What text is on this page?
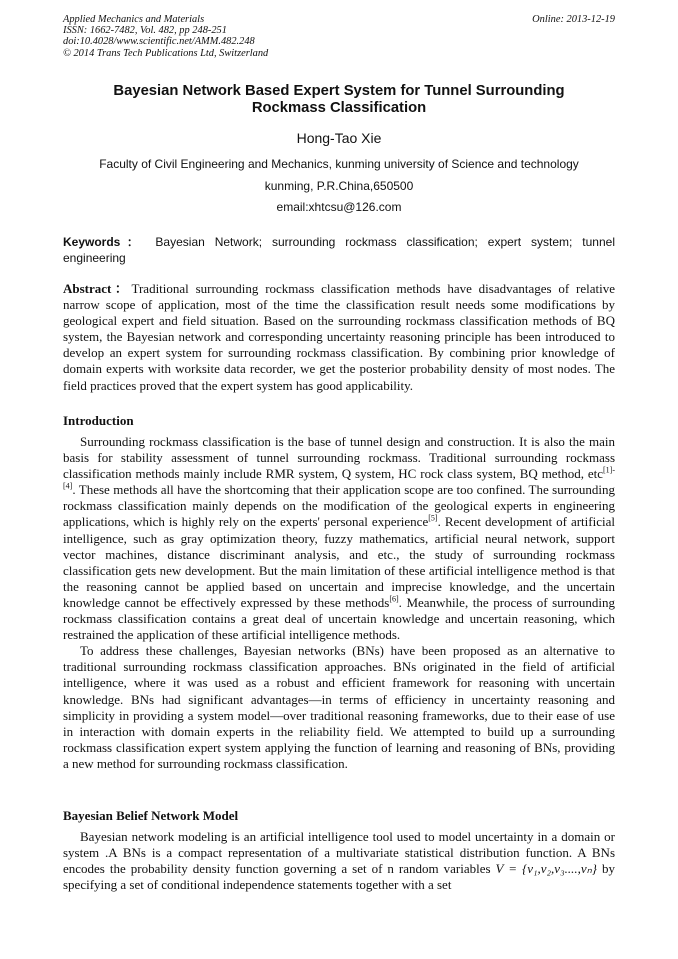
Applied Mechanics and Materials
ISSN: 1662-7482, Vol. 482, pp 248-251
doi:10.4028/www.scientific.net/AMM.482.248
© 2014 Trans Tech Publications Ltd, Switzerland
Online: 2013-12-19
Bayesian Network Based Expert System for Tunnel Surrounding
Rockmass Classification
Hong-Tao Xie
Faculty of Civil Engineering and Mechanics, kunming university of Science and technology
kunming, P.R.China,650500
email:xhtcsu@126.com
Keywords： Bayesian Network; surrounding rockmass classification; expert system; tunnel engineering
Abstract：Traditional surrounding rockmass classification methods have disadvantages of relative narrow scope of application, most of the time the classification result needs some modifications by geological expert and field situation. Based on the surrounding rockmass classification methods of BQ system, the Bayesian network and corresponding uncertainty reasoning principle has been introduced to develop an expert system for surrounding rockmass classification. By combining prior knowledge of domain experts with worksite data recorder, we get the posterior probability density of most nodes. The field practices proved that the expert system has good applicability.
Introduction

Surrounding rockmass classification is the base of tunnel design and construction. It is also the main basis for stability assessment of tunnel surrounding rockmass. Traditional surrounding rockmass classification methods mainly include RMR system, Q system, HC rock class system, BQ method, etc[1]-[4]. These methods all have the shortcoming that their application scope are too confined. The surrounding rockmass classification mainly depends on the modification of the geological experts in engineering applications, which is highly rely on the experts' personal experience[5]. Recent development of artificial intelligence, such as gray optimization theory, fuzzy mathematics, artificial neural network, support vector machines, distance discriminant analysis, and etc., the study of surrounding rockmass classification gets new development. But the main limitation of these artificial intelligence method is that the reasoning cannot be applied based on uncertain and imprecise knowledge, and the uncertain knowledge cannot be effectively expressed by these methods[6]. Meanwhile, the process of surrounding rockmass classification contains a great deal of uncertain knowledge and uncertain reasoning, which restrained the application of these artificial intelligence methods.

To address these challenges, Bayesian networks (BNs) have been proposed as an alternative to traditional surrounding rockmass classification approaches. BNs originated in the field of artificial intelligence, where it was used as a robust and efficient framework for reasoning with uncertain knowledge. BNs had significant advantages—in terms of efficiency in uncertainty reasoning and simplicity in providing a system model—over traditional reasoning frameworks, due to their ease of use in interaction with domain experts in the reliability field. We attempted to build up a surrounding rockmass classification expert system applying the function of learning and reasoning of BNs, providing a new method for surrounding rockmass classification.

Bayesian Belief Network Model

Bayesian network modeling is an artificial intelligence tool used to model uncertainty in a domain or system .A BNs is a compact representation of a multivariate statistical distribution function. A BNs encodes the probability density function governing a set of n random variables V = {v₁,v₂,v₃....,vₙ} by specifying a set of conditional independence statements together with a set
